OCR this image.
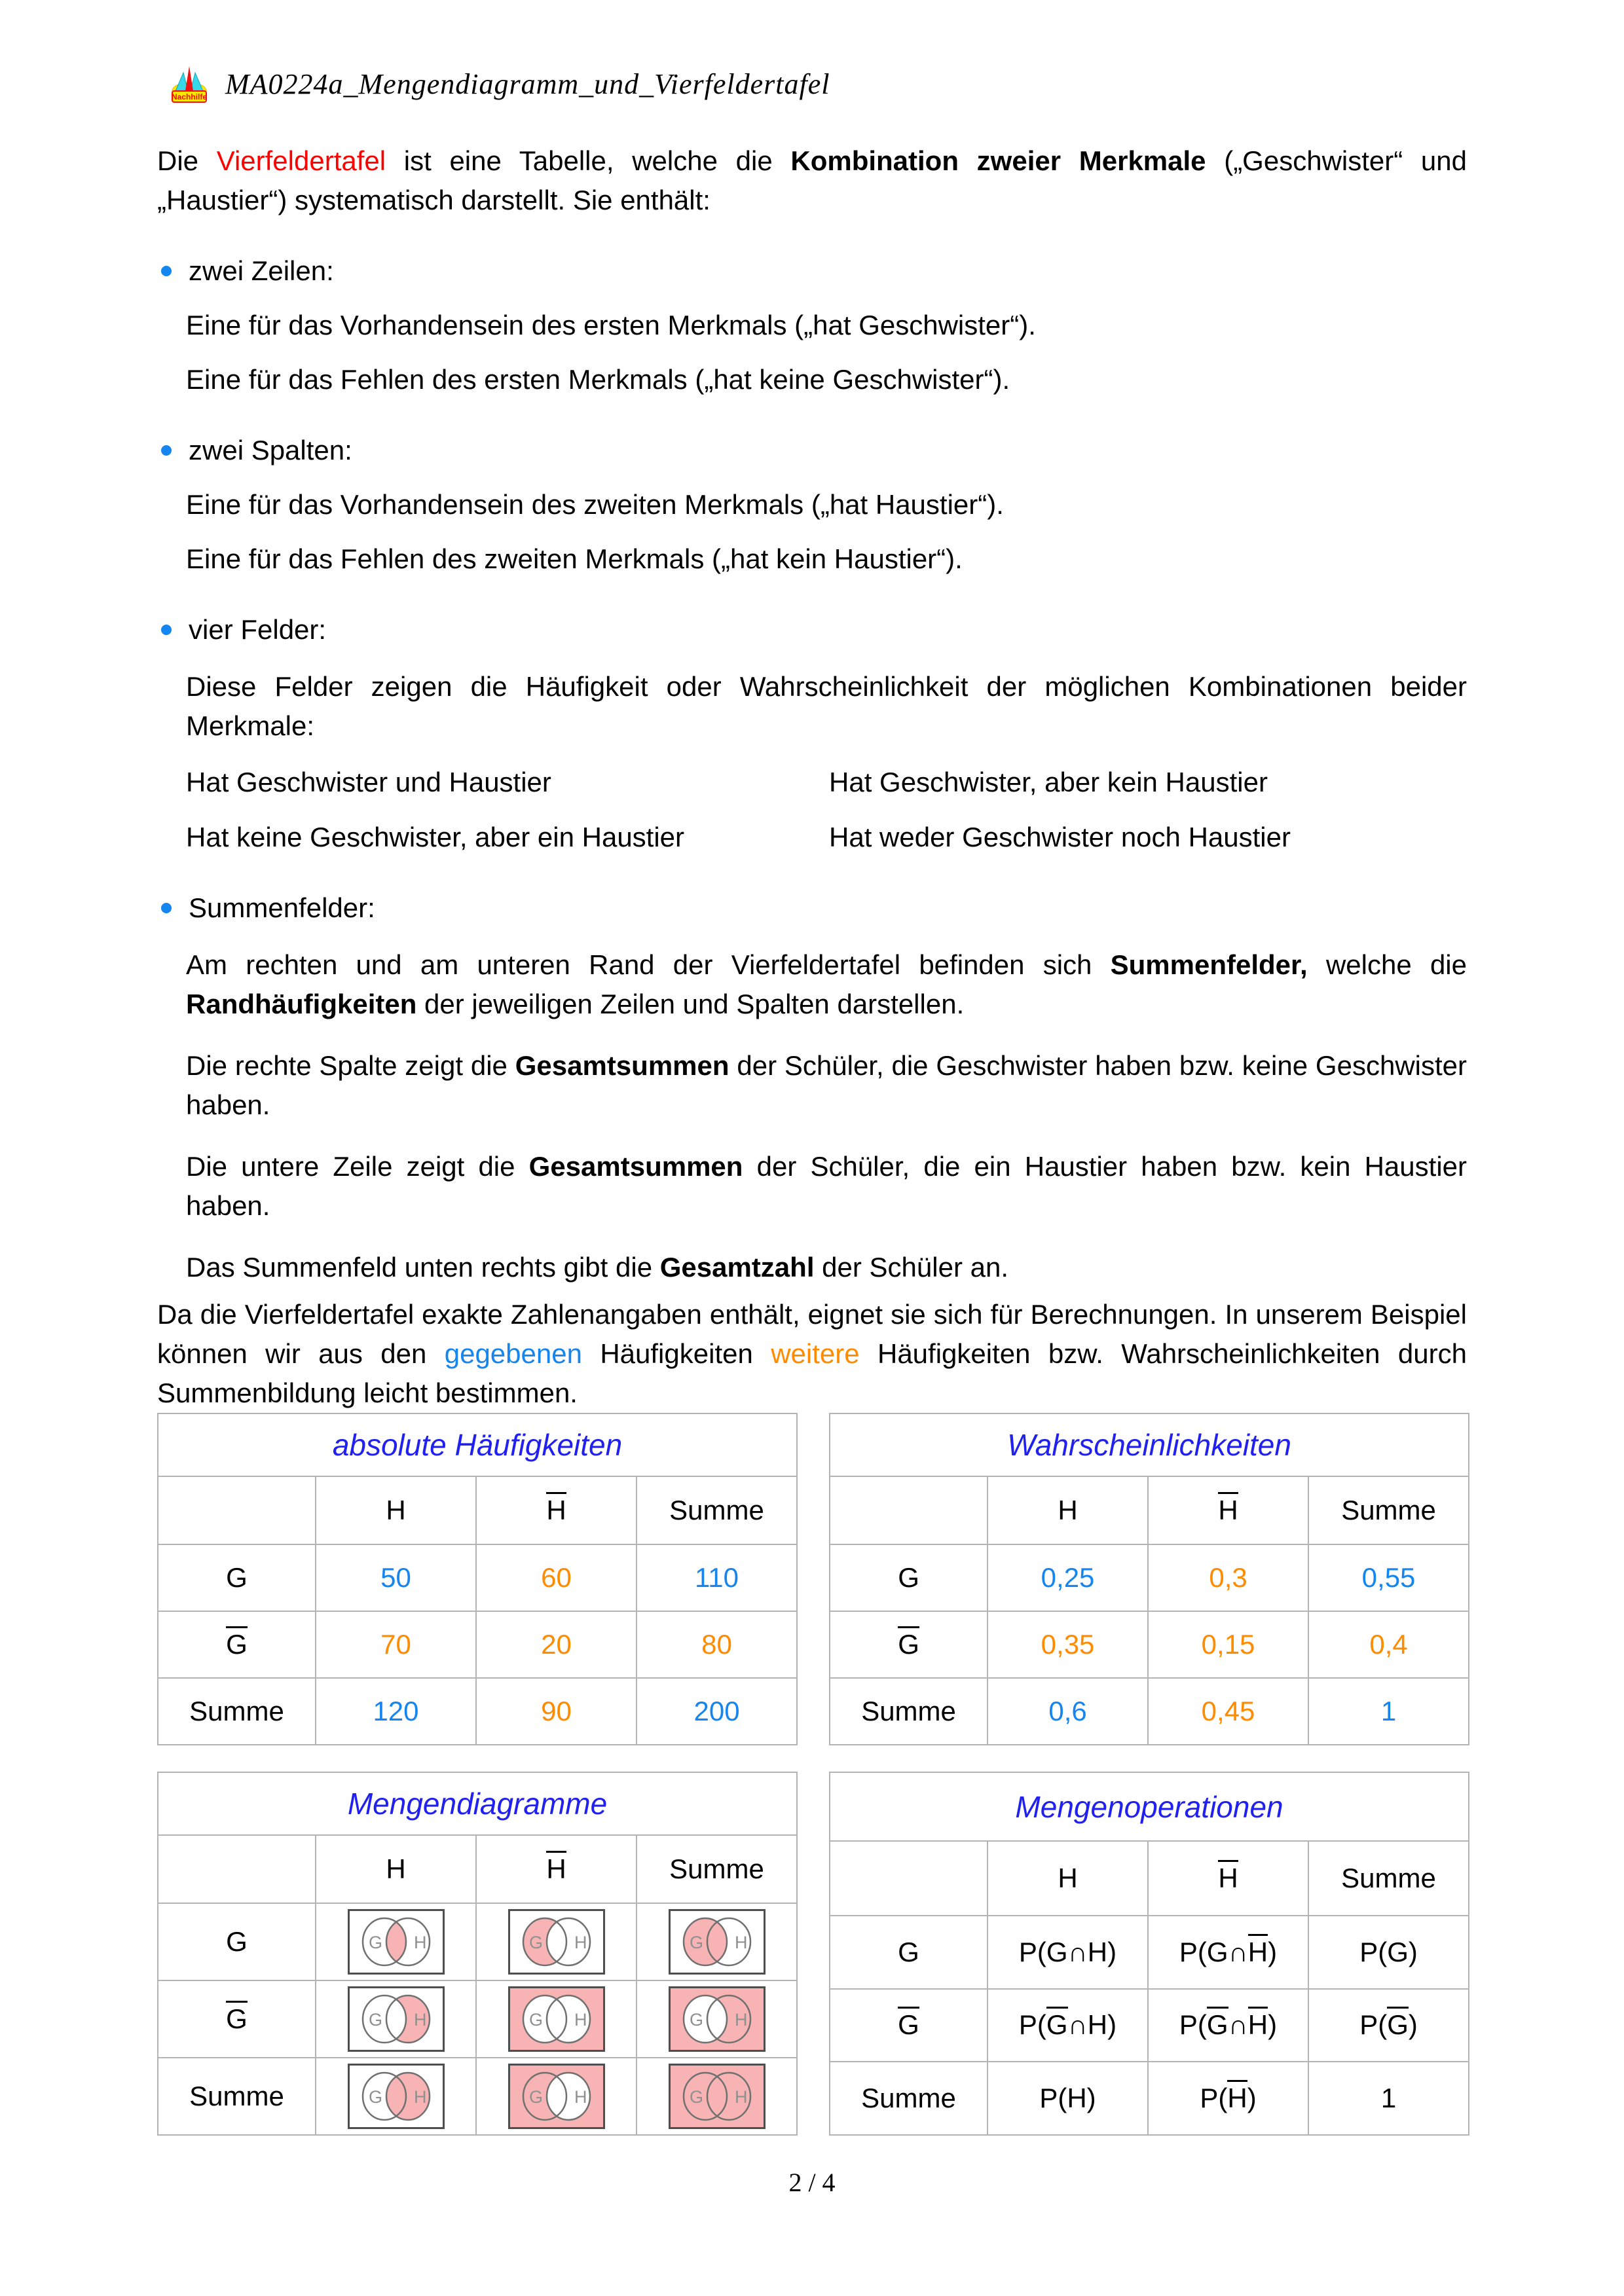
Nachhilfe MA0224a_Mengendiagramm_und_Vierfeldertafel

Die Vierfeldertafel ist eine Tabelle, welche die Kombination zweier Merkmale („Geschwister“ und „Haustier“) systematisch darstellt. Sie enthält:

zwei Zeilen:

Eine für das Vorhandensein des ersten Merkmals („hat Geschwister“).

Eine für das Fehlen des ersten Merkmals („hat keine Geschwister“).

zwei Spalten:

Eine für das Vorhandensein des zweiten Merkmals („hat Haustier“).

Eine für das Fehlen des zweiten Merkmals („hat kein Haustier“).

vier Felder:

Diese Felder zeigen die Häufigkeit oder Wahrscheinlichkeit der möglichen Kombinationen beider Merkmale:

Hat Geschwister und Haustier	Hat Geschwister, aber kein Haustier

Hat keine Geschwister, aber ein Haustier	Hat weder Geschwister noch Haustier

Summenfelder:

Am rechten und am unteren Rand der Vierfeldertafel befinden sich Summenfelder, welche die Randhäufigkeiten der jeweiligen Zeilen und Spalten darstellen.

Die rechte Spalte zeigt die Gesamtsummen der Schüler, die Geschwister haben bzw. keine Geschwister haben.

Die untere Zeile zeigt die Gesamtsummen der Schüler, die ein Haustier haben bzw. kein Haustier haben.

Das Summenfeld unten rechts gibt die Gesamtzahl der Schüler an.

Da die Vierfeldertafel exakte Zahlenangaben enthält, eignet sie sich für Berechnungen. In unserem Beispiel können wir aus den gegebenen Häufigkeiten weitere Häufigkeiten bzw. Wahrscheinlichkeiten durch Summenbildung leicht bestimmen.

absolute Häufigkeiten			
	H	H	Summe
G	50	60	110
G	70	20	80
Summe	120	90	200
Wahrscheinlichkeiten			
	H	H	Summe
G	0,25	0,3	0,55
G	0,35	0,15	0,4
Summe	0,6	0,45	1
Mengendiagramme			
	H	H	Summe
G	G H	G H	G H

G	G H	G H	G H

Summe	G H	G H	G H
Mengenoperationen			
	H	H	Summe
G	P(G∩H)	P(G∩H)	P(G)
G	P(G∩H)	P(G∩H)	P(G)
Summe	P(H)	P(H)	1
2 / 4
